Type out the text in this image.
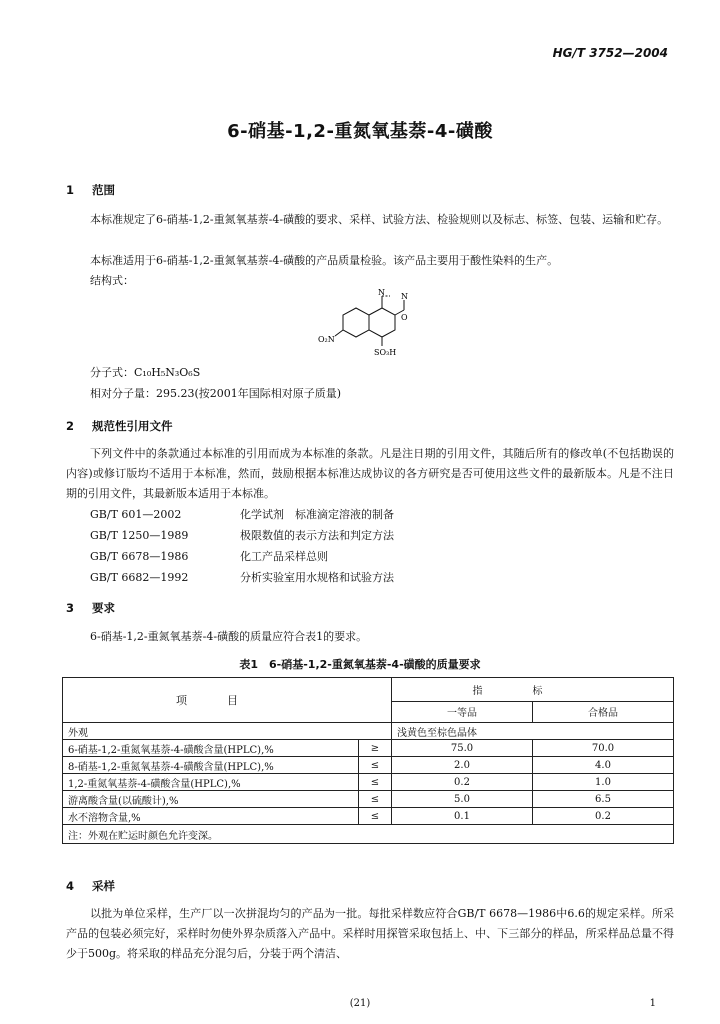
HG/T 3752—2004
6-硝基-1,2-重氮氧基萘-4-磺酸
1 范围
本标准规定了6-硝基-1,2-重氮氧基萘-4-磺酸的要求、采样、试验方法、检验规则以及标志、标签、包装、运输和贮存。
本标准适用于6-硝基-1,2-重氮氧基萘-4-磺酸的产品质量检验。该产品主要用于酸性染料的生产。
结构式：
N N
O
O₂N
SO₃H
分子式：C₁₀H₅N₃O₆S
相对分子量：295.23(按2001年国际相对原子质量)
2 规范性引用文件
下列文件中的条款通过本标准的引用而成为本标准的条款。凡是注日期的引用文件，其随后所有的修改单(不包括勘误的内容)或修订版均不适用于本标准，然而，鼓励根据本标准达成协议的各方研究是否可使用这些文件的最新版本。凡是不注日期的引用文件，其最新版本适用于本标准。
GB/T 601—2002	化学试剂　标准滴定溶液的制备
GB/T 1250—1989	极限数值的表示方法和判定方法
GB/T 6678—1986	化工产品采样总则
GB/T 6682—1992	分析实验室用水规格和试验方法
3 要求
6-硝基-1,2-重氮氧基萘-4-磺酸的质量应符合表1的要求。
表1　6-硝基-1,2-重氮氧基萘-4-磺酸的质量要求
项目		指标	
		一等品	合格品
外观		浅黄色至棕色晶体	
6-硝基-1,2-重氮氧基萘-4-磺酸含量(HPLC),%	≥	75.0	70.0
8-硝基-1,2-重氮氧基萘-4-磺酸含量(HPLC),%	≤	2.0	4.0
1,2-重氮氧基萘-4-磺酸含量(HPLC),%	≤	0.2	1.0
游离酸含量(以硫酸计),%	≤	5.0	6.5
水不溶物含量,%	≤	0.1	0.2
注：外观在贮运时颜色允许变深。			
4 采样
以批为单位采样，生产厂以一次拼混均匀的产品为一批。每批采样数应符合GB/T 6678—1986中6.6的规定采样。所采产品的包装必须完好，采样时勿使外界杂质落入产品中。采样时用探管采取包括上、中、下三部分的样品，所采样品总量不得少于500g。将采取的样品充分混匀后，分装于两个清洁、
(21)	1
